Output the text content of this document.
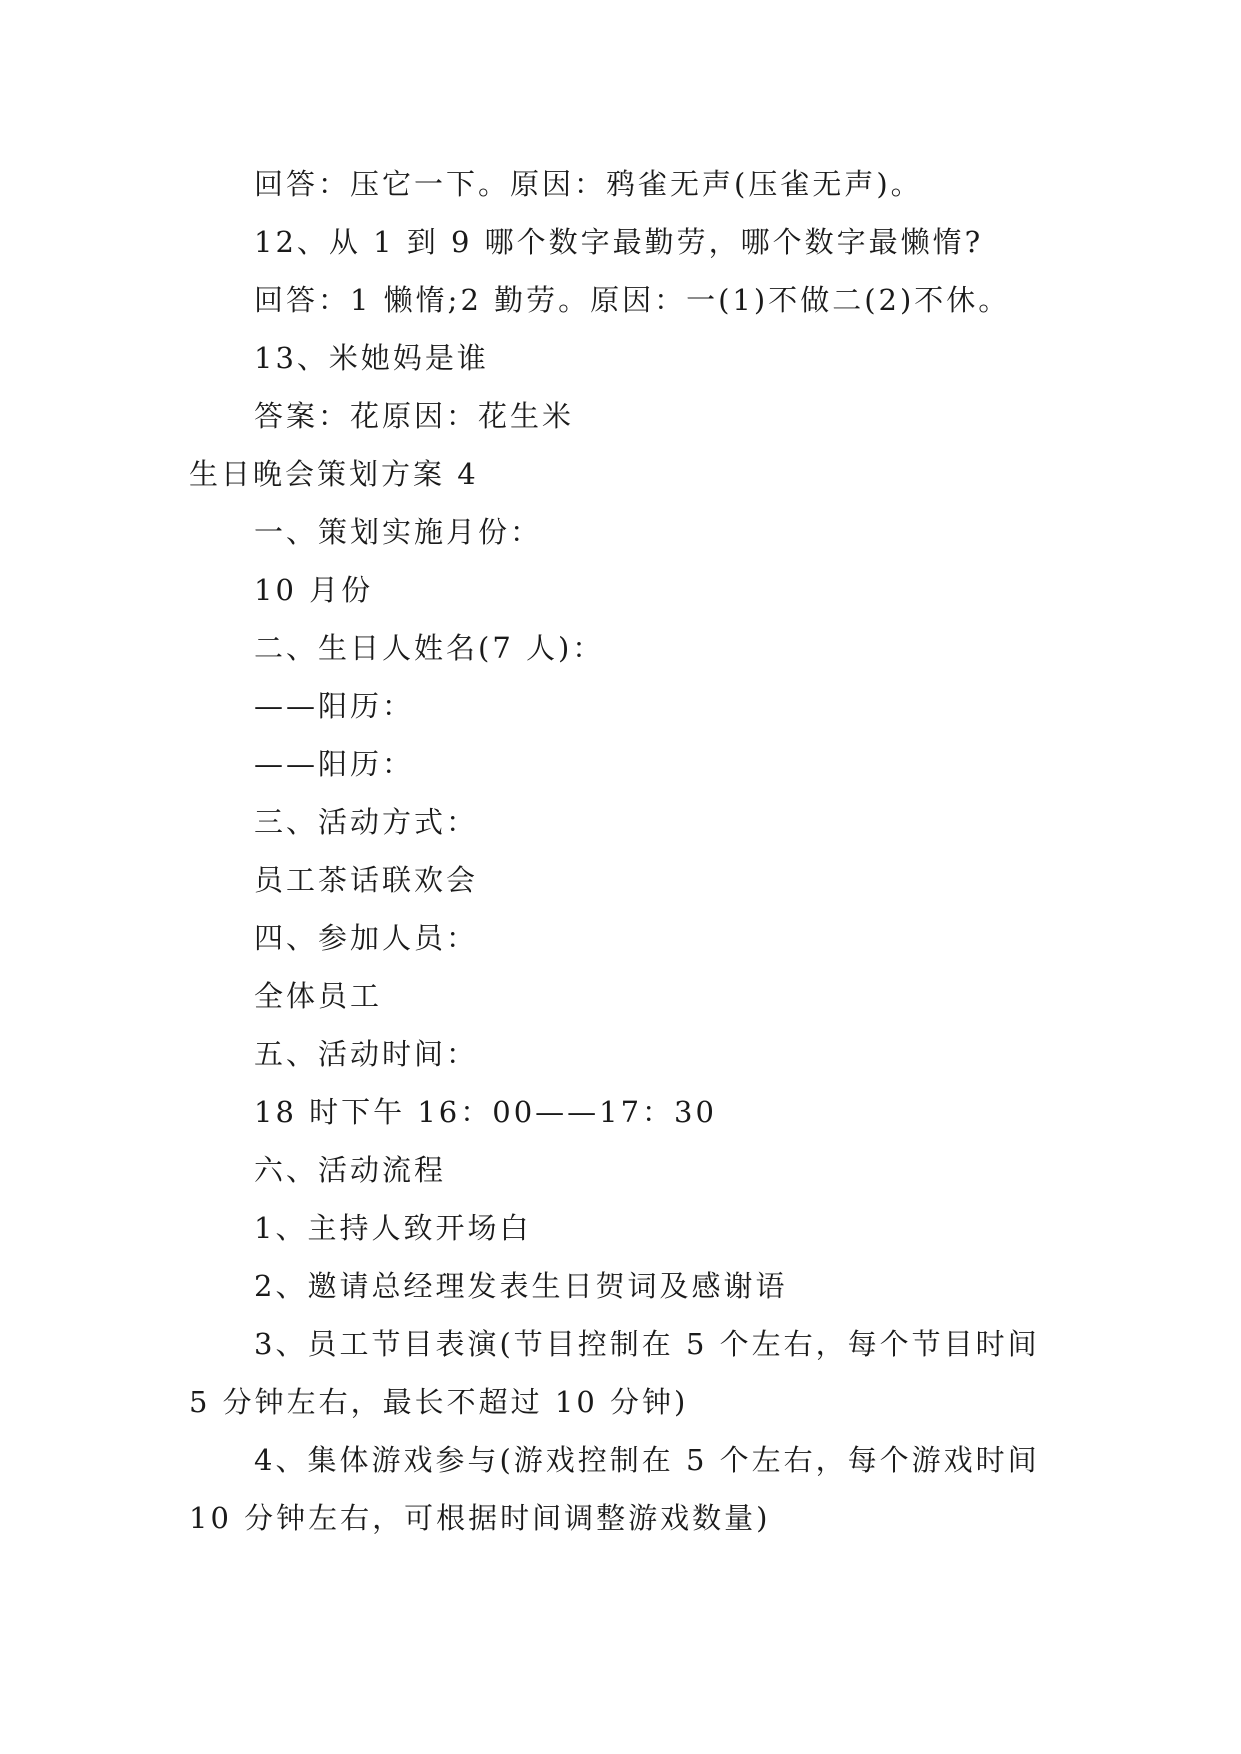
回答：压它一下。原因：鸦雀无声(压雀无声)。
12、从 1 到 9 哪个数字最勤劳，哪个数字最懒惰?
回答：1 懒惰;2 勤劳。原因：一(1)不做二(2)不休。
13、米她妈是谁
答案：花原因：花生米
生日晚会策划方案 4
一、策划实施月份：
10 月份
二、生日人姓名(7 人)：
——阳历：
——阳历：
三、活动方式：
员工茶话联欢会
四、参加人员：
全体员工
五、活动时间：
18 时下午 16：00——17：30
六、活动流程
1、主持人致开场白
2、邀请总经理发表生日贺词及感谢语
3、员工节目表演(节目控制在 5 个左右，每个节目时间
5 分钟左右，最长不超过 10 分钟)
4、集体游戏参与(游戏控制在 5 个左右，每个游戏时间
10 分钟左右，可根据时间调整游戏数量)
